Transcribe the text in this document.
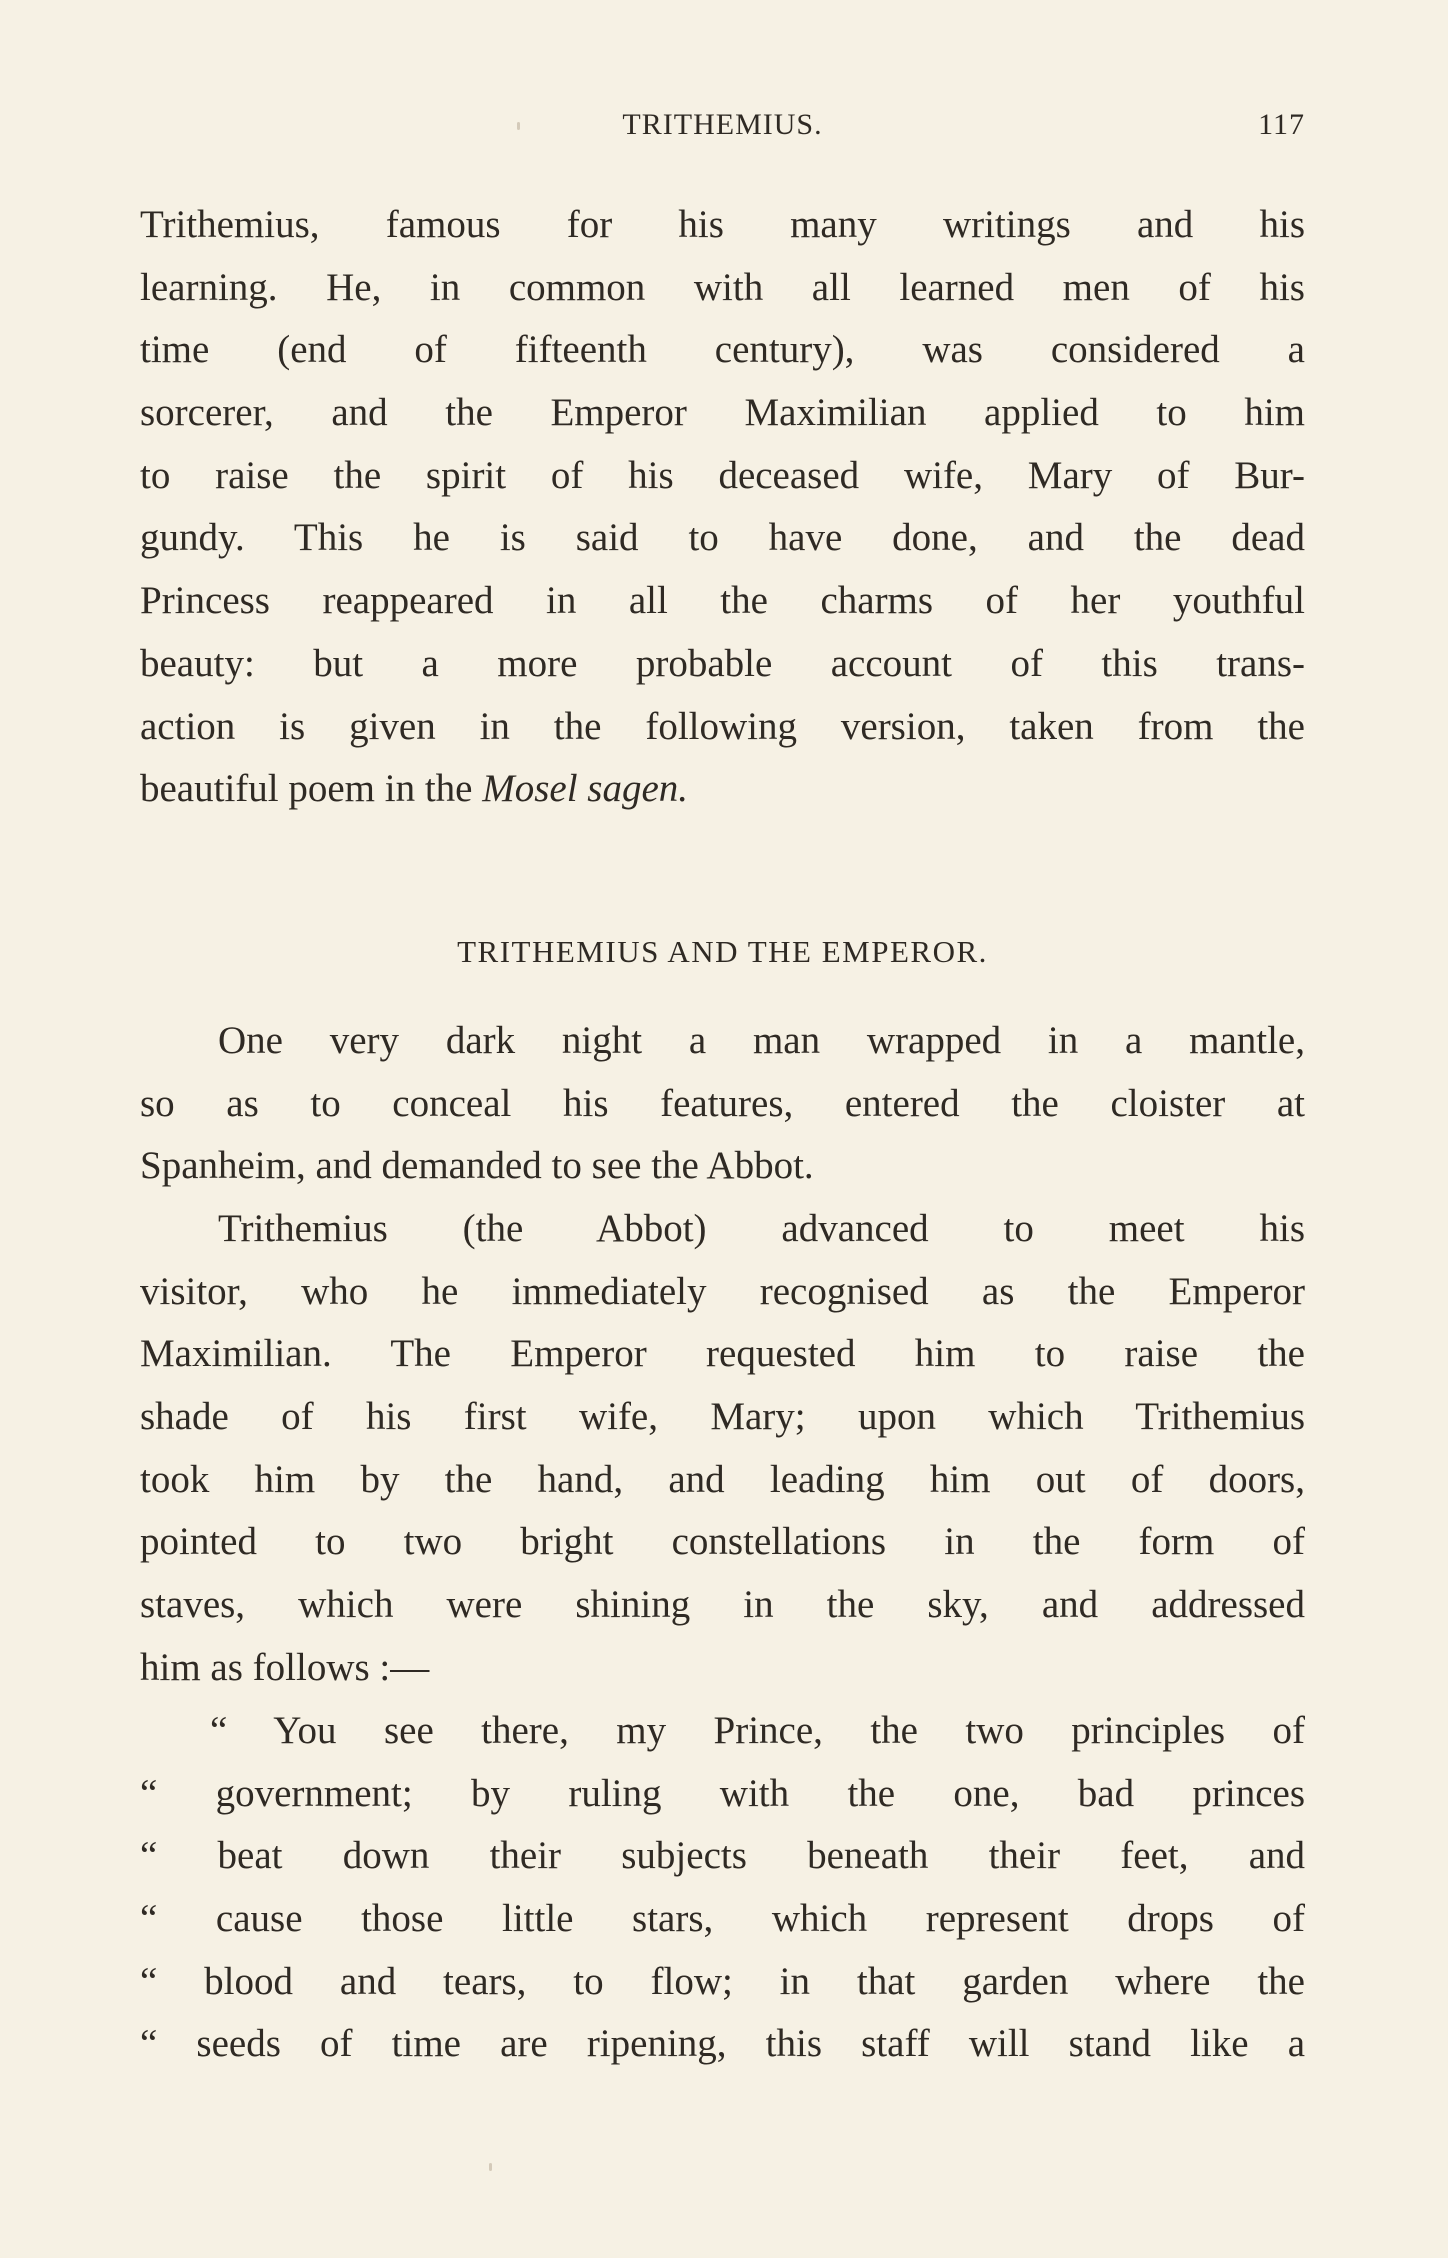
TRITHEMIUS.	117
Trithemius, famous for his many writings and his
learning. He, in common with all learned men of his
time (end of fifteenth century), was considered a
sorcerer, and the Emperor Maximilian applied to him
to raise the spirit of his deceased wife, Mary of Bur-
gundy. This he is said to have done, and the dead
Princess reappeared in all the charms of her youthful
beauty: but a more probable account of this trans-
action is given in the following version, taken from the
beautiful poem in the Mosel sagen.
TRITHEMIUS AND THE EMPEROR.
One very dark night a man wrapped in a mantle,
so as to conceal his features, entered the cloister at
Spanheim, and demanded to see the Abbot.
Trithemius (the Abbot) advanced to meet his
visitor, who he immediately recognised as the Emperor
Maximilian. The Emperor requested him to raise the
shade of his first wife, Mary; upon which Trithemius
took him by the hand, and leading him out of doors,
pointed to two bright constellations in the form of
staves, which were shining in the sky, and addressed
him as follows :—
“ You see there, my Prince, the two principles of
“ government; by ruling with the one, bad princes
“ beat down their subjects beneath their feet, and
“ cause those little stars, which represent drops of
“ blood and tears, to flow; in that garden where the
“ seeds of time are ripening, this staff will stand like a
